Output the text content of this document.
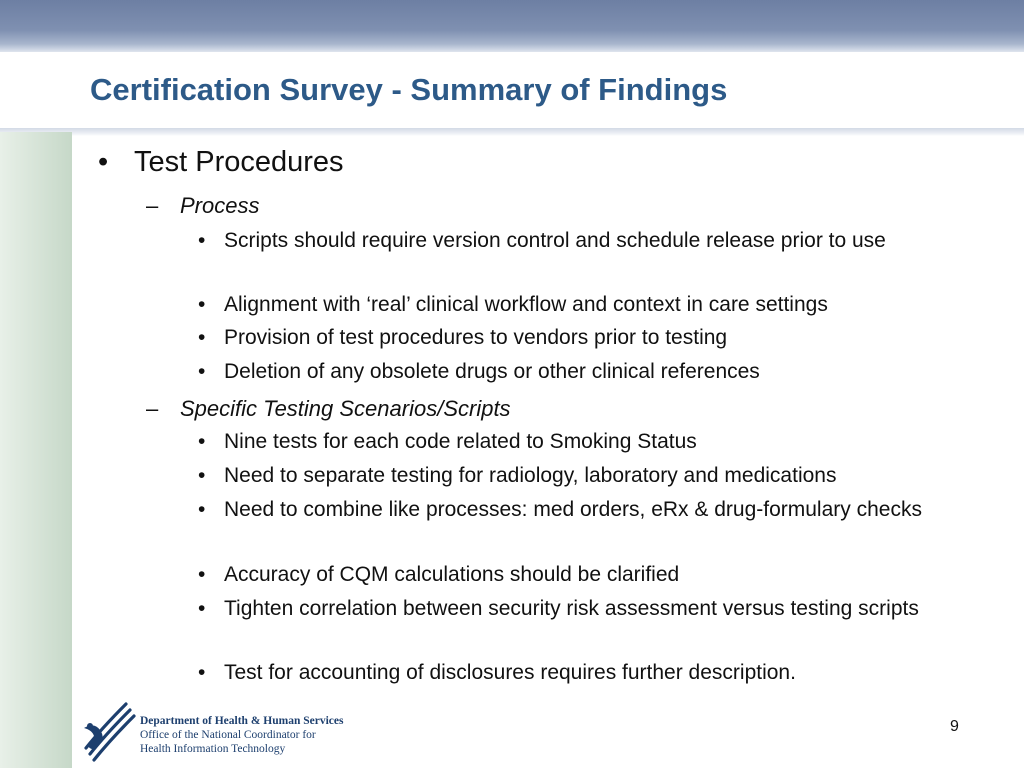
Certification Survey - Summary of Findings
• Test Procedures
– Process
• Scripts should require version control and schedule release prior to use
• Alignment with ‘real’ clinical workflow and context in care settings
• Provision of test procedures to vendors prior to testing
• Deletion of any obsolete drugs or other clinical references
– Specific Testing Scenarios/Scripts
• Nine tests for each code related to Smoking Status
• Need to separate testing for radiology, laboratory and medications
• Need to combine like processes: med orders, eRx & drug-formulary checks
• Accuracy of CQM calculations should be clarified
• Tighten correlation between security risk assessment versus testing scripts
• Test for accounting of disclosures requires further description.
Department of Health & Human Services
Office of the National Coordinator for
Health Information Technology
9
